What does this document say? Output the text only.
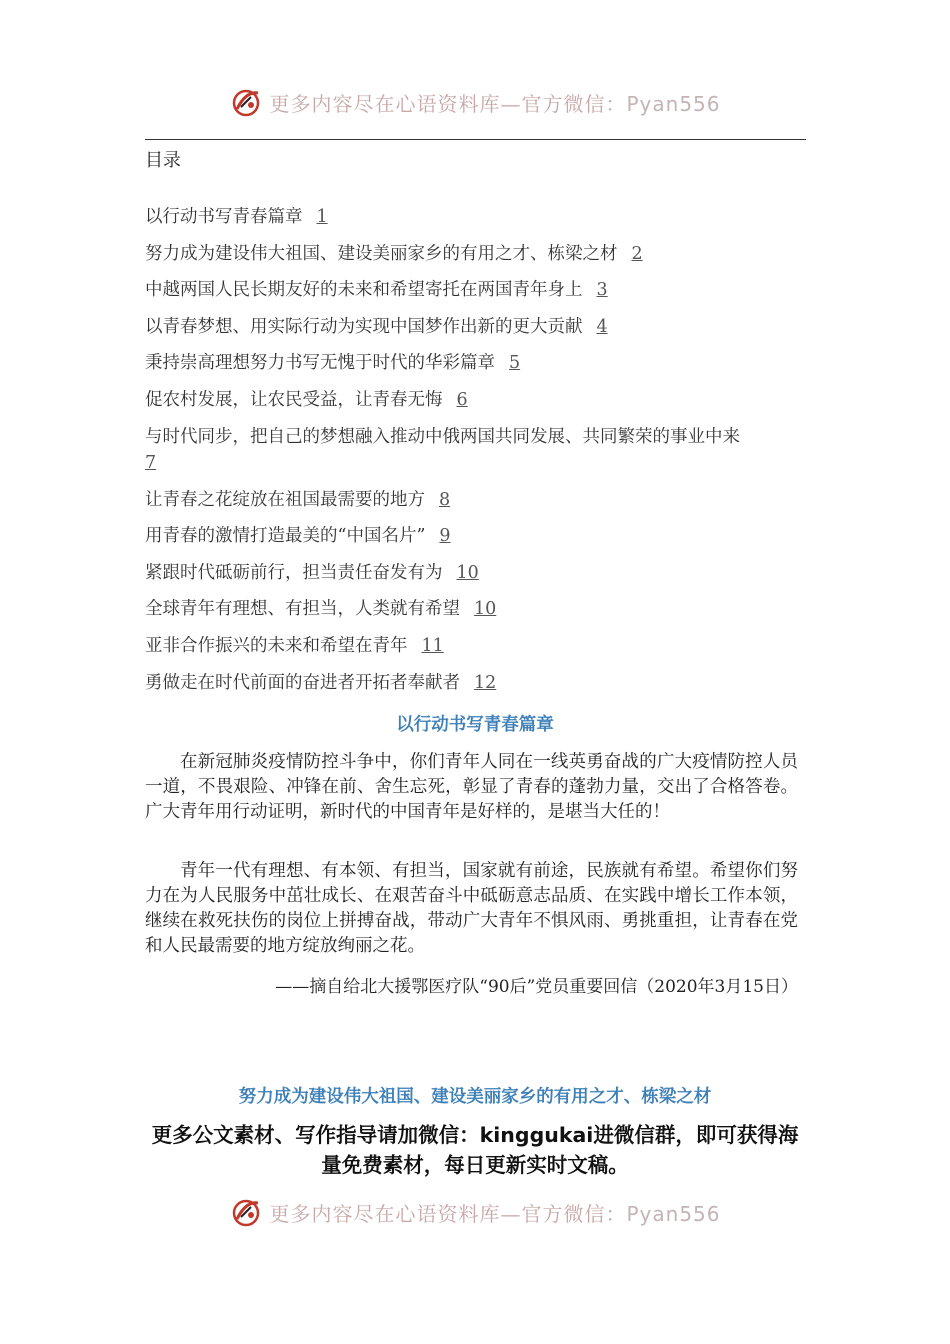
更多内容尽在心语资料库—官方微信：Pyan556
目录
以行动书写青春篇章 1
努力成为建设伟大祖国、建设美丽家乡的有用之才、栋梁之材 2
中越两国人民长期友好的未来和希望寄托在两国青年身上 3
以青春梦想、用实际行动为实现中国梦作出新的更大贡献 4
秉持崇高理想努力书写无愧于时代的华彩篇章 5
促农村发展，让农民受益，让青春无悔 6
与时代同步，把自己的梦想融入推动中俄两国共同发展、共同繁荣的事业中来
7
让青春之花绽放在祖国最需要的地方 8
用青春的激情打造最美的“中国名片” 9
紧跟时代砥砺前行，担当责任奋发有为 10
全球青年有理想、有担当，人类就有希望 10
亚非合作振兴的未来和希望在青年 11
勇做走在时代前面的奋进者开拓者奉献者 12
以行动书写青春篇章

在新冠肺炎疫情防控斗争中，你们青年人同在一线英勇奋战的广大疫情防控人员一道，不畏艰险、冲锋在前、舍生忘死，彰显了青春的蓬勃力量，交出了合格答卷。广大青年用行动证明，新时代的中国青年是好样的，是堪当大任的！

青年一代有理想、有本领、有担当，国家就有前途，民族就有希望。希望你们努力在为人民服务中茁壮成长、在艰苦奋斗中砥砺意志品质、在实践中增长工作本领，继续在救死扶伤的岗位上拼搏奋战，带动广大青年不惧风雨、勇挑重担，让青春在党和人民最需要的地方绽放绚丽之花。

——摘自给北大援鄂医疗队“90后”党员重要回信（2020年3月15日）
努力成为建设伟大祖国、建设美丽家乡的有用之才、栋梁之材
更多公文素材、写作指导请加微信：kinggukai进微信群，即可获得海量免费素材，每日更新实时文稿。
更多内容尽在心语资料库—官方微信：Pyan556
